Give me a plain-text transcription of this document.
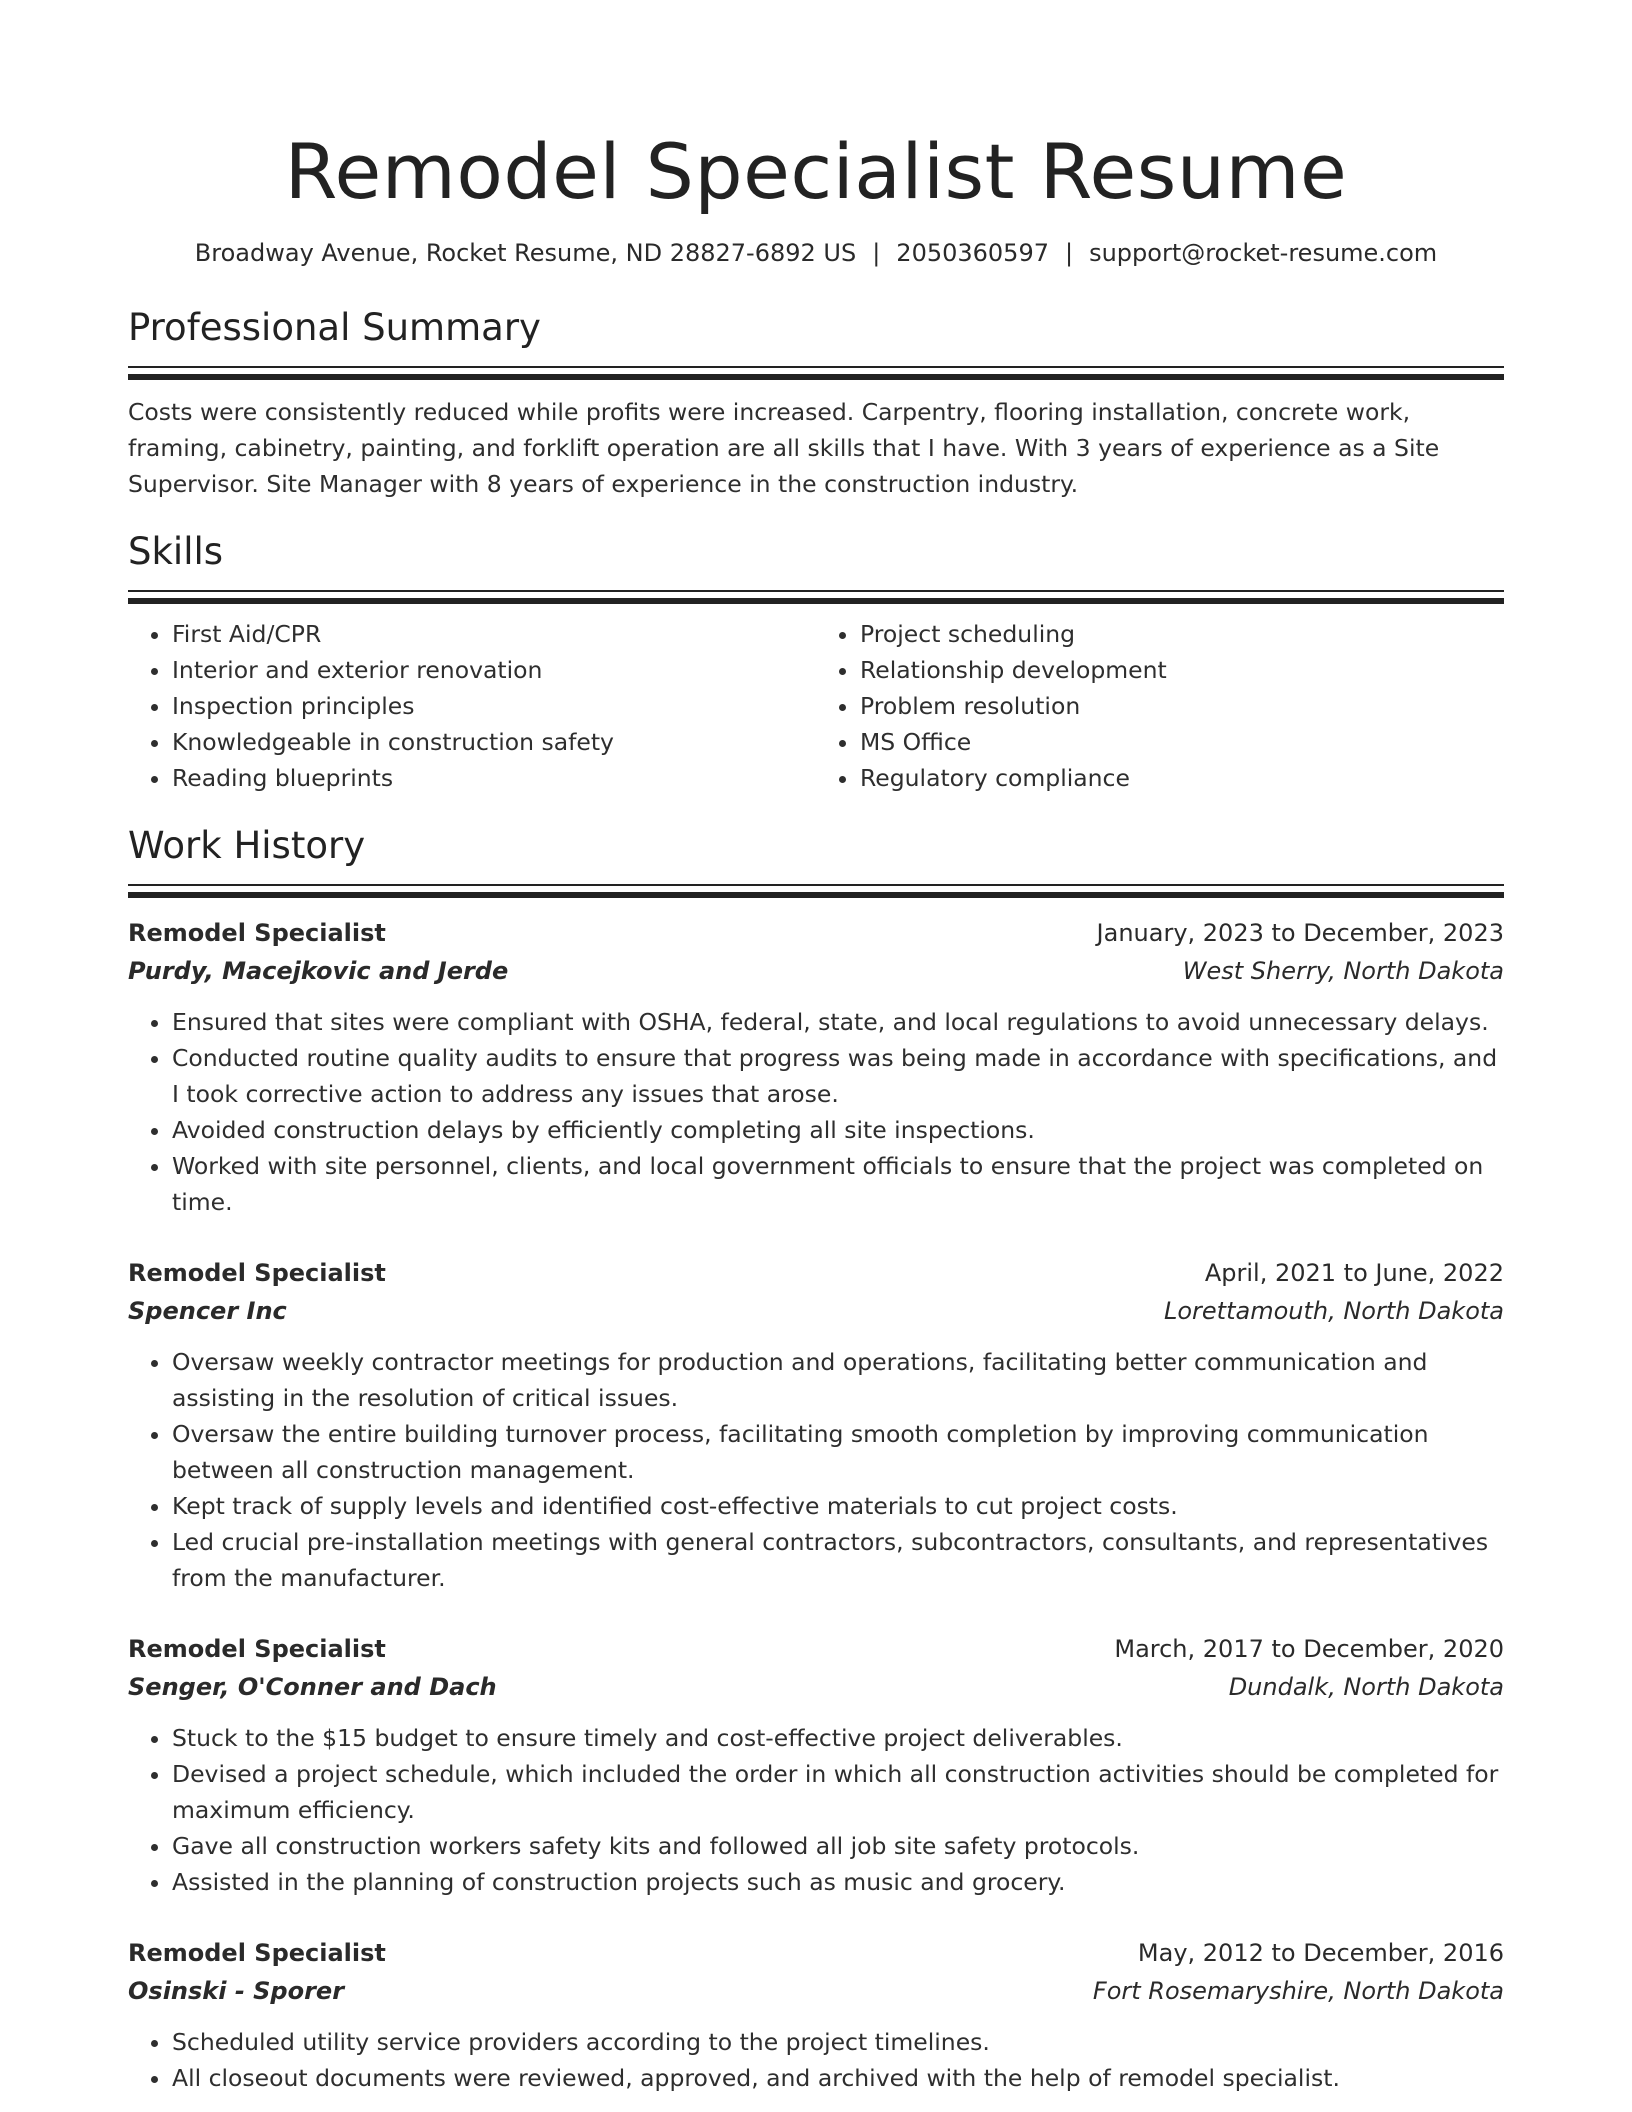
Remodel Specialist Resume
Broadway Avenue, Rocket Resume, ND 28827-6892 US | 2050360597 | support@rocket-resume.com
Professional Summary

Costs were consistently reduced while profits were increased. Carpentry, flooring installation, concrete work, framing, cabinetry, painting, and forklift operation are all skills that I have. With 3 years of experience as a Site Supervisor. Site Manager with 8 years of experience in the construction industry.

Skills
• First Aid/CPR
• Interior and exterior renovation
• Inspection principles
• Knowledgeable in construction safety
• Reading blueprints
• Project scheduling
• Relationship development
• Problem resolution
• MS Office
• Regulatory compliance
Work History
Remodel Specialist	January, 2023 to December, 2023
Purdy, Macejkovic and Jerde	West Sherry, North Dakota
• Ensured that sites were compliant with OSHA, federal, state, and local regulations to avoid unnecessary delays.
• Conducted routine quality audits to ensure that progress was being made in accordance with specifications, and I took corrective action to address any issues that arose.
• Avoided construction delays by efficiently completing all site inspections.
• Worked with site personnel, clients, and local government officials to ensure that the project was completed on time.
Remodel Specialist	April, 2021 to June, 2022
Spencer Inc	Lorettamouth, North Dakota
• Oversaw weekly contractor meetings for production and operations, facilitating better communication and assisting in the resolution of critical issues.
• Oversaw the entire building turnover process, facilitating smooth completion by improving communication between all construction management.
• Kept track of supply levels and identified cost-effective materials to cut project costs.
• Led crucial pre-installation meetings with general contractors, subcontractors, consultants, and representatives from the manufacturer.
Remodel Specialist	March, 2017 to December, 2020
Senger, O'Conner and Dach	Dundalk, North Dakota
• Stuck to the $15 budget to ensure timely and cost-effective project deliverables.
• Devised a project schedule, which included the order in which all construction activities should be completed for maximum efficiency.
• Gave all construction workers safety kits and followed all job site safety protocols.
• Assisted in the planning of construction projects such as music and grocery.
Remodel Specialist	May, 2012 to December, 2016
Osinski - Sporer	Fort Rosemaryshire, North Dakota
• Scheduled utility service providers according to the project timelines.
• All closeout documents were reviewed, approved, and archived with the help of remodel specialist.
